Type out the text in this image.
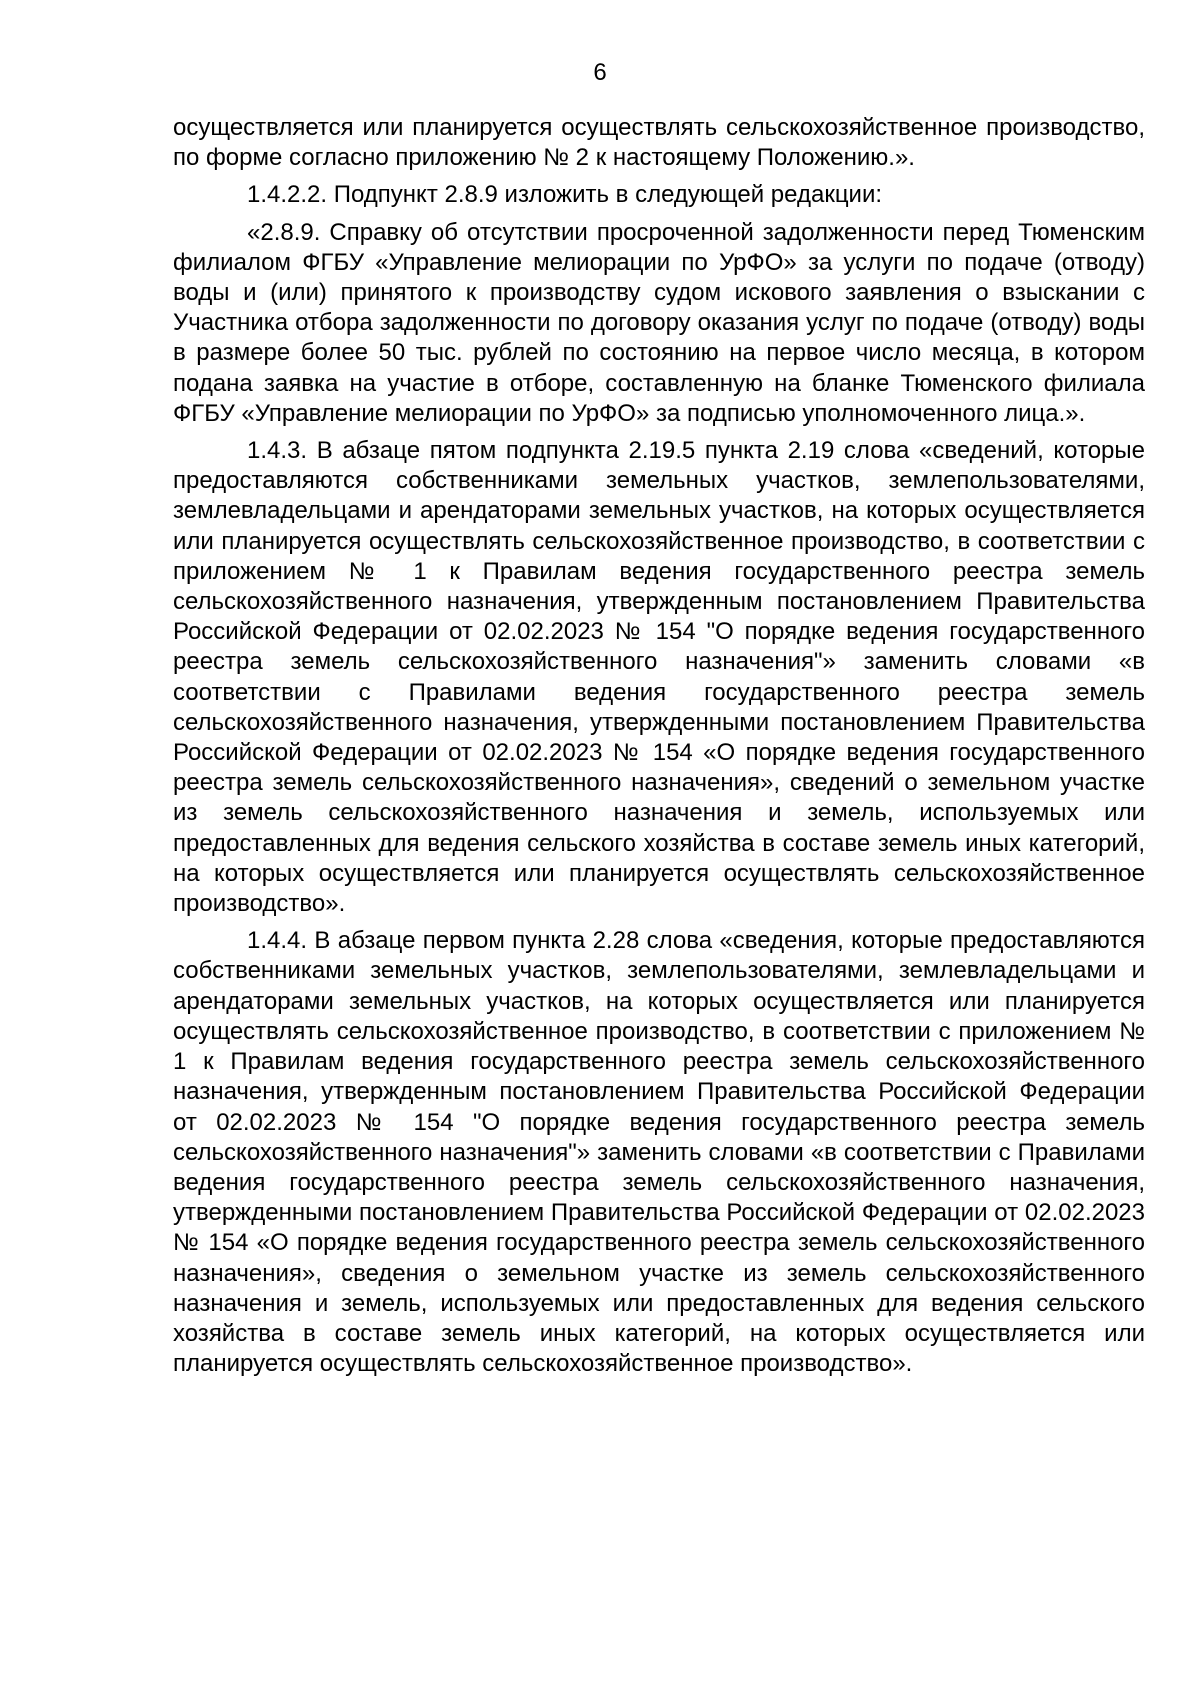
6

осуществляется или планируется осуществлять сельскохозяйственное производство, по форме согласно приложению № 2 к настоящему Положению.».

1.4.2.2. Подпункт 2.8.9 изложить в следующей редакции:

«2.8.9. Справку об отсутствии просроченной задолженности перед Тюменским филиалом ФГБУ «Управление мелиорации по УрФО» за услуги по подаче (отводу) воды и (или) принятого к производству судом искового заявления о взыскании с Участника отбора задолженности по договору оказания услуг по подаче (отводу) воды в размере более 50 тыс. рублей по состоянию на первое число месяца, в котором подана заявка на участие в отборе, составленную на бланке Тюменского филиала ФГБУ «Управление мелиорации по УрФО» за подписью уполномоченного лица.».

1.4.3. В абзаце пятом подпункта 2.19.5 пункта 2.19 слова «сведений, которые предоставляются собственниками земельных участков, землепользователями, землевладельцами и арендаторами земельных участков, на которых осуществляется или планируется осуществлять сельскохозяйственное производство, в соответствии с приложением № 1 к Правилам ведения государственного реестра земель сельскохозяйственного назначения, утвержденным постановлением Правительства Российской Федерации от 02.02.2023 № 154 "О порядке ведения государственного реестра земель сельскохозяйственного назначения"» заменить словами «в соответствии с Правилами ведения государственного реестра земель сельскохозяйственного назначения, утвержденными постановлением Правительства Российской Федерации от 02.02.2023 № 154 «О порядке ведения государственного реестра земель сельскохозяйственного назначения», сведений о земельном участке из земель сельскохозяйственного назначения и земель, используемых или предоставленных для ведения сельского хозяйства в составе земель иных категорий, на которых осуществляется или планируется осуществлять сельскохозяйственное производство».

1.4.4. В абзаце первом пункта 2.28 слова «сведения, которые предоставляются собственниками земельных участков, землепользователями, землевладельцами и арендаторами земельных участков, на которых осуществляется или планируется осуществлять сельскохозяйственное производство, в соответствии с приложением № 1 к Правилам ведения государственного реестра земель сельскохозяйственного назначения, утвержденным постановлением Правительства Российской Федерации от 02.02.2023 № 154 "О порядке ведения государственного реестра земель сельскохозяйственного назначения"» заменить словами «в соответствии с Правилами ведения государственного реестра земель сельскохозяйственного назначения, утвержденными постановлением Правительства Российской Федерации от 02.02.2023 № 154 «О порядке ведения государственного реестра земель сельскохозяйственного назначения», сведения о земельном участке из земель сельскохозяйственного назначения и земель, используемых или предоставленных для ведения сельского хозяйства в составе земель иных категорий, на которых осуществляется или планируется осуществлять сельскохозяйственное производство».
